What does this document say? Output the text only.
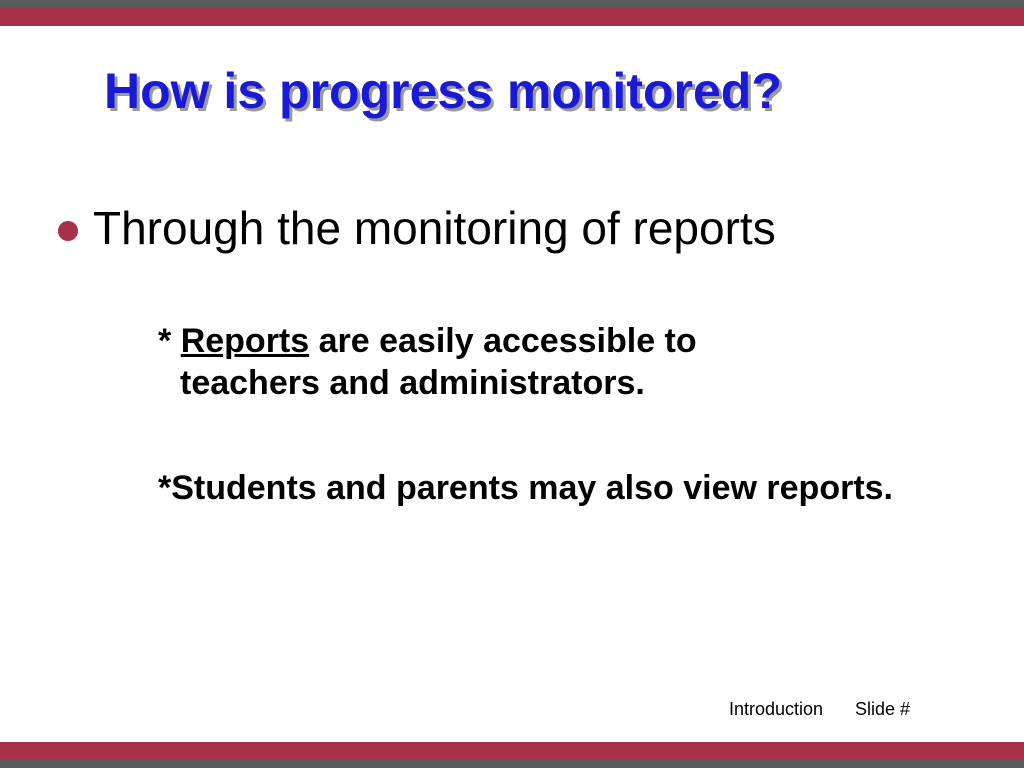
How is progress monitored?
Through the monitoring of reports
* Reports are easily accessible to
teachers and administrators.
*Students and parents may also view reports.
Introduction Slide #
